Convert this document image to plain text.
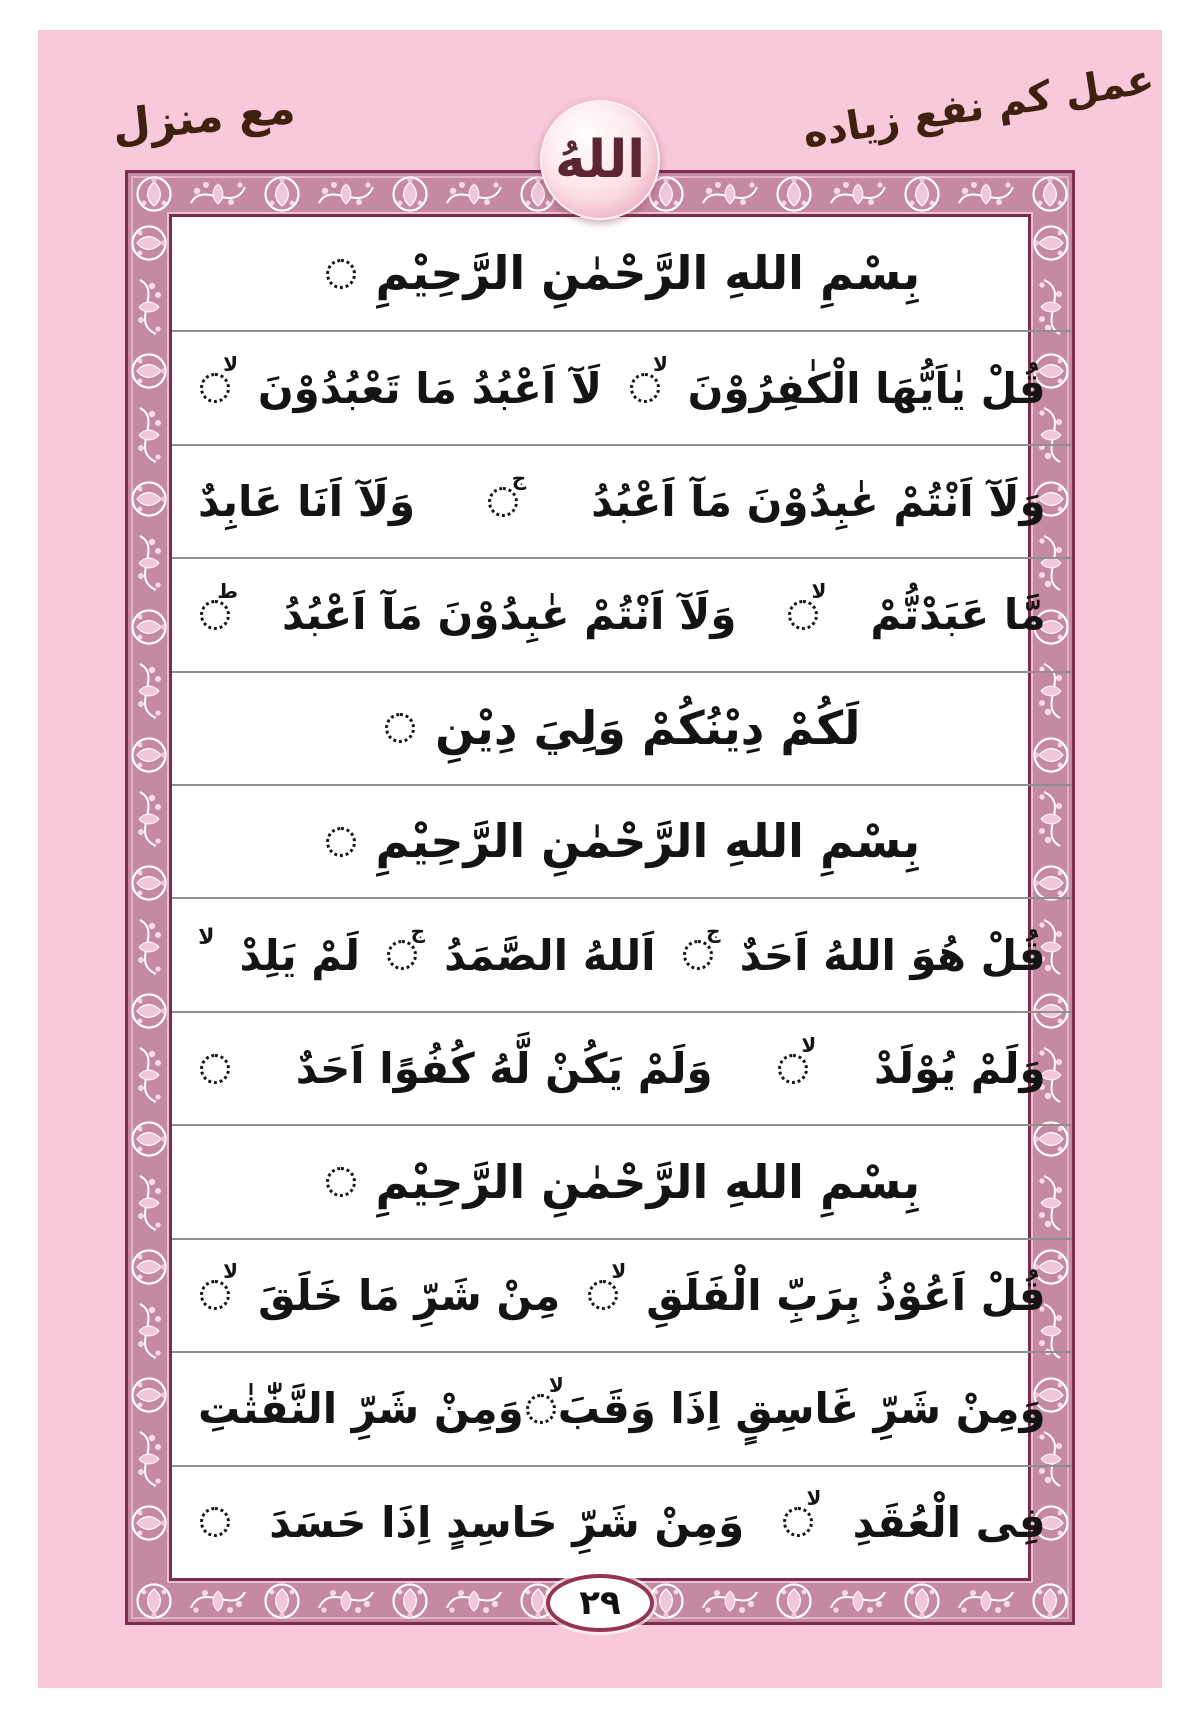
مع منزل	عمل کم نفع زیاده
بِسْمِ اللهِ الرَّحْمٰنِ الرَّحِيْمِ
قُلْ يٰاَيُّهَا الْكٰفِرُوْنَ
لا
لَآ اَعْبُدُ مَا تَعْبُدُوْنَ
لا
وَلَآ اَنْتُمْ عٰبِدُوْنَ مَآ اَعْبُدُ
ج
وَلَآ اَنَا عَابِدٌ
مَّا عَبَدْتُّمْ
لا
وَلَآ اَنْتُمْ عٰبِدُوْنَ مَآ اَعْبُدُ
ط
لَكُمْ دِيْنُكُمْ وَلِيَ دِيْنِ
بِسْمِ اللهِ الرَّحْمٰنِ الرَّحِيْمِ
قُلْ هُوَ اللهُ اَحَدٌ
ج
اَللهُ الصَّمَدُ
ج
لَمْ يَلِدْ
لا
وَلَمْ يُوْلَدْ
لا
وَلَمْ يَكُنْ لَّهُ كُفُوًا اَحَدٌ
بِسْمِ اللهِ الرَّحْمٰنِ الرَّحِيْمِ
قُلْ اَعُوْذُ بِرَبِّ الْفَلَقِ
لا
مِنْ شَرِّ مَا خَلَقَ
لا
وَمِنْ شَرِّ غَاسِقٍ اِذَا وَقَبَ
لا
وَمِنْ شَرِّ النَّفّٰثٰتِ
فِى الْعُقَدِ
لا
وَمِنْ شَرِّ حَاسِدٍ اِذَا حَسَدَ
اللهُ
۲۹
